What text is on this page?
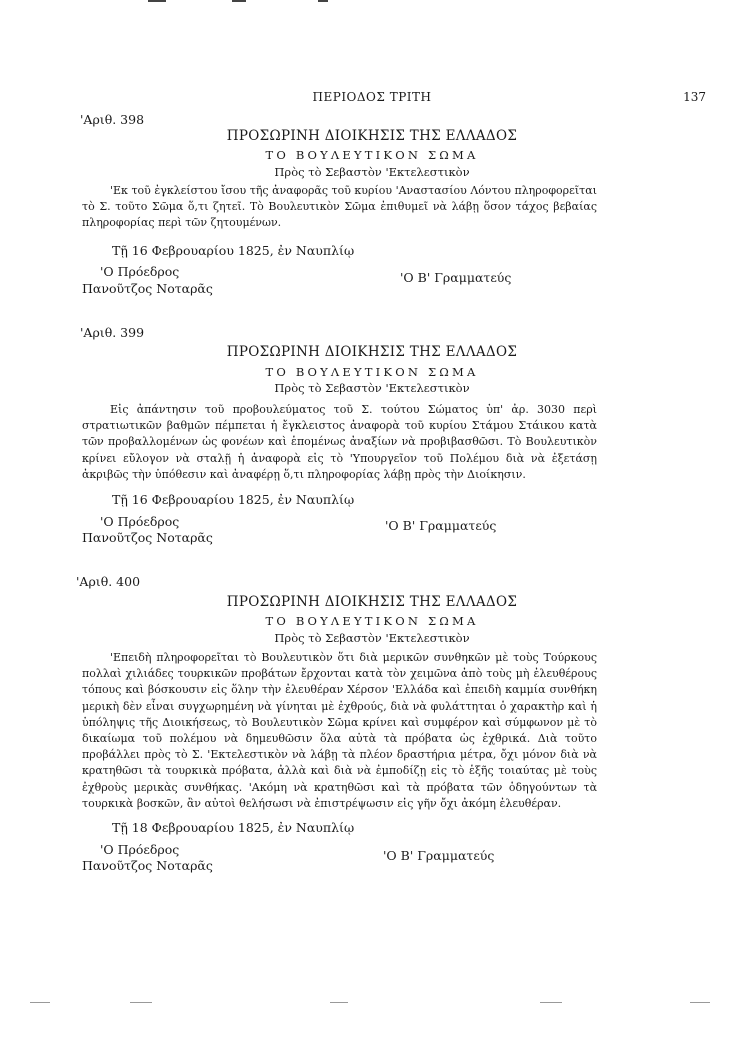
ΠΕΡΙΟΔΟΣ ΤΡΙΤΗ	137
'Αριθ. 398
ΠΡΟΣΩΡΙΝΗ ΔΙΟΙΚΗΣΙΣ ΤΗΣ ΕΛΛΑΔΟΣ
ΤΟ ΒΟΥΛΕΥΤΙΚΟΝ ΣΩΜΑ
Πρὸς τὸ Σεβαστὸν 'Εκτελεστικὸν
'Εκ τοῦ ἐγκλείστου ἴσου τῆς ἀναφορᾶς τοῦ κυρίου 'Αναστασίου Λόντου πληροφορεῖται τὸ Σ. τοῦτο Σῶμα ὅ,τι ζητεῖ. Τὸ Βουλευτικὸν Σῶμα ἐπιθυμεῖ νὰ λάβῃ ὅσον τάχος βεβαίας πληροφορίας περὶ τῶν ζητουμένων.
Τῇ 16 Φεβρουαρίου 1825, ἐν Ναυπλίῳ
'Ο Πρόεδρος
Πανοῦτζος Νοταρᾶς
'Ο Β' Γραμματεύς
'Αριθ. 399
ΠΡΟΣΩΡΙΝΗ ΔΙΟΙΚΗΣΙΣ ΤΗΣ ΕΛΛΑΔΟΣ
ΤΟ ΒΟΥΛΕΥΤΙΚΟΝ ΣΩΜΑ
Πρὸς τὸ Σεβαστὸν 'Εκτελεστικὸν
Εἰς ἀπάντησιν τοῦ προβουλεύματος τοῦ Σ. τούτου Σώματος ὑπ' ἀρ. 3030 περὶ στρατιωτικῶν βαθμῶν πέμπεται ἡ ἔγκλειστος ἀναφορὰ τοῦ κυρίου Στάμου Στάικου κατὰ τῶν προβαλλομένων ὡς φονέων καὶ ἑπομένως ἀναξίων νὰ προβιβασθῶσι. Τὸ Βουλευτικὸν κρίνει εὔλογον νὰ σταλῇ ἡ ἀναφορὰ εἰς τὸ 'Υπουργεῖον τοῦ Πολέμου διὰ νὰ ἐξετάσῃ ἀκριβῶς τὴν ὑπόθεσιν καὶ ἀναφέρῃ ὅ,τι πληροφορίας λάβῃ πρὸς τὴν Διοίκησιν.
Τῇ 16 Φεβρουαρίου 1825, ἐν Ναυπλίῳ
'Ο Πρόεδρος
Πανοῦτζος Νοταρᾶς
'Ο Β' Γραμματεύς
'Αριθ. 400
ΠΡΟΣΩΡΙΝΗ ΔΙΟΙΚΗΣΙΣ ΤΗΣ ΕΛΛΑΔΟΣ
ΤΟ ΒΟΥΛΕΥΤΙΚΟΝ ΣΩΜΑ
Πρὸς τὸ Σεβαστὸν 'Εκτελεστικὸν
'Επειδὴ πληροφορεῖται τὸ Βουλευτικὸν ὅτι διὰ μερικῶν συνθηκῶν μὲ τοὺς Τούρκους πολλαὶ χιλιάδες τουρκικῶν προβάτων ἔρχονται κατὰ τὸν χειμῶνα ἀπὸ τοὺς μὴ ἐλευθέρους τόπους καὶ βόσκουσιν εἰς ὅλην τὴν ἐλευθέραν Χέρσον 'Ελλάδα καὶ ἐπειδὴ καμμία συνθήκη μερικὴ δὲν εἶναι συγχωρημένη νὰ γίνηται μὲ ἐχθρούς, διὰ νὰ φυλάττηται ὁ χαρακτὴρ καὶ ἡ ὑπόληψις τῆς Διοικήσεως, τὸ Βουλευτικὸν Σῶμα κρίνει καὶ συμφέρον καὶ σύμφωνον μὲ τὸ δικαίωμα τοῦ πολέμου νὰ δημευθῶσιν ὅλα αὐτὰ τὰ πρόβατα ὡς ἐχθρικά. Διὰ τοῦτο προβάλλει πρὸς τὸ Σ. 'Εκτελεστικὸν νὰ λάβῃ τὰ πλέον δραστήρια μέτρα, ὄχι μόνον διὰ νὰ κρατηθῶσι τὰ τουρκικὰ πρόβατα, ἀλλὰ καὶ διὰ νὰ ἐμποδίζῃ εἰς τὸ ἑξῆς τοιαύτας μὲ τοὺς ἐχθροὺς μερικὰς συνθήκας. 'Ακόμη νὰ κρατηθῶσι καὶ τὰ πρόβατα τῶν ὁδηγούντων τὰ τουρκικὰ βοσκῶν, ἂν αὐτοὶ θελήσωσι νὰ ἐπιστρέψωσιν εἰς γῆν ὄχι ἀκόμη ἐλευθέραν.
Τῇ 18 Φεβρουαρίου 1825, ἐν Ναυπλίῳ
'Ο Πρόεδρος
Πανοῦτζος Νοταρᾶς
'Ο Β' Γραμματεύς
